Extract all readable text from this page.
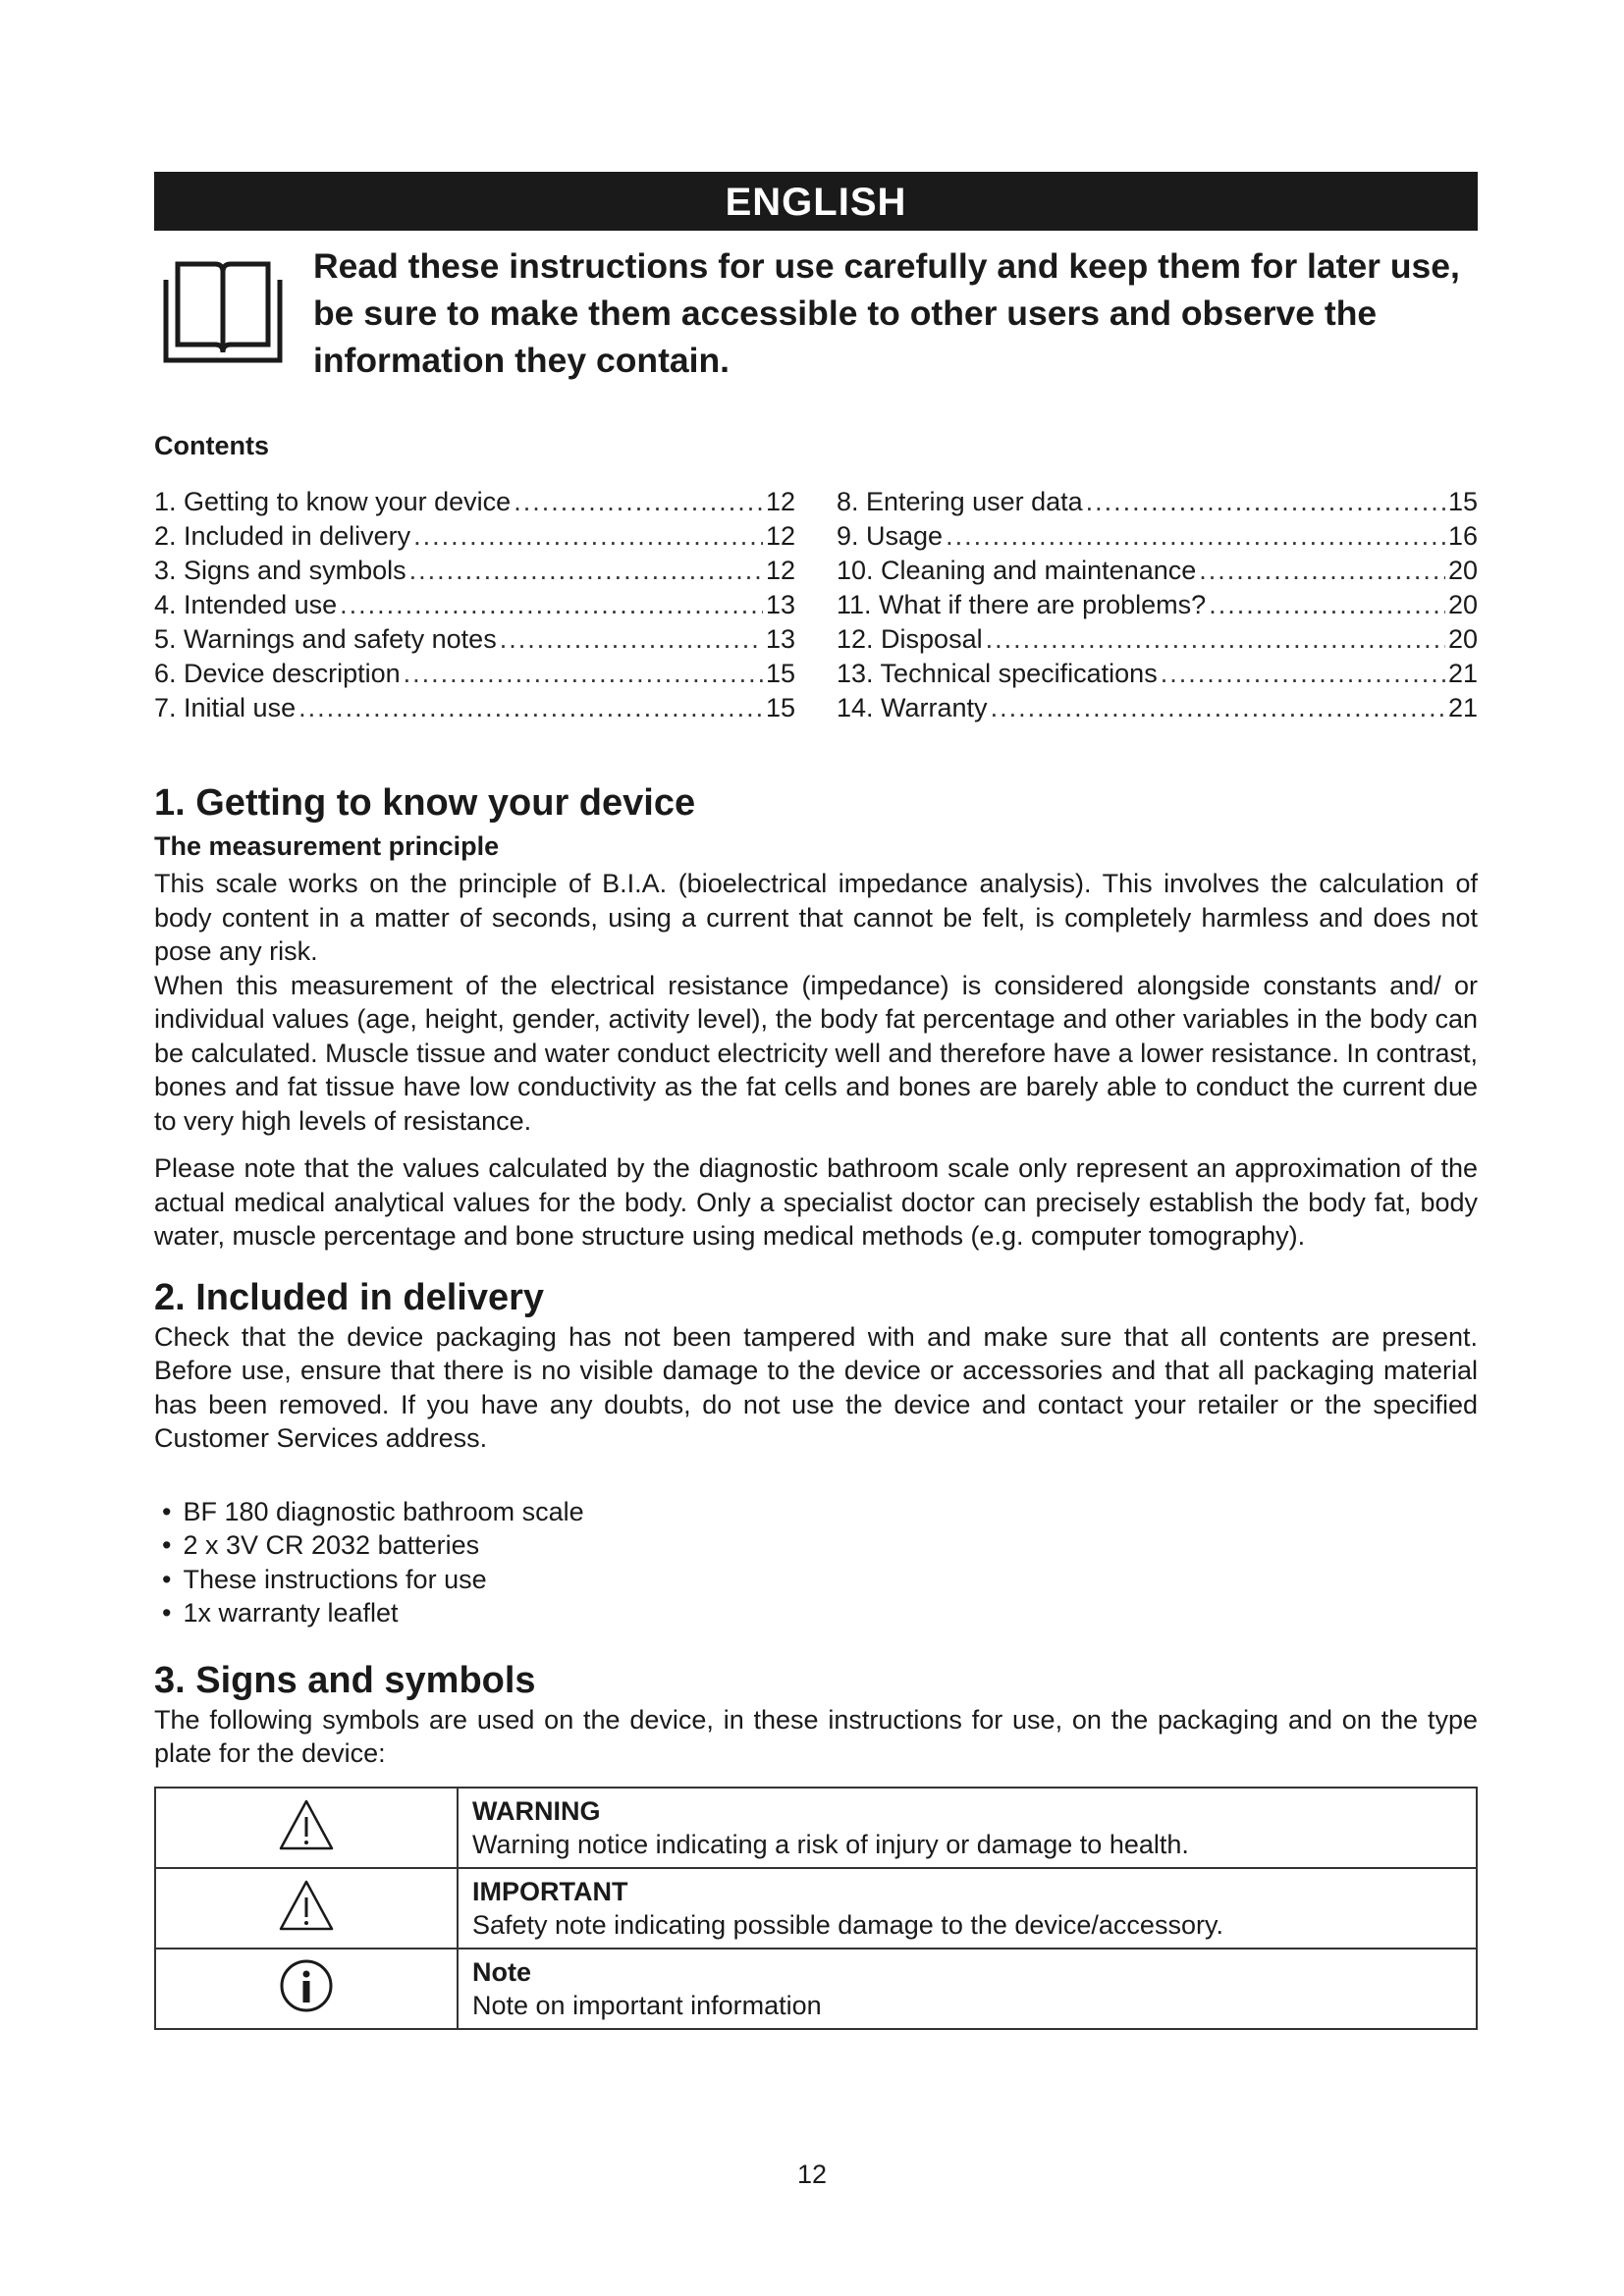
ENGLISH
Read these instructions for use carefully and keep them for later use, be sure to make them accessible to other users and observe the information they contain.
Contents
1. Getting to know your device .....	12
2. Included in delivery .....	12
3. Signs and symbols .....	12
4. Intended use .....	13
5. Warnings and safety notes .....	13
6. Device description .....	15
7. Initial use .....	15
8. Entering user data .....	15
9. Usage .....	16
10. Cleaning and maintenance .....	20
11. What if there are problems? .....	20
12. Disposal .....	20
13. Technical specifications .....	21
14. Warranty .....	21
1. Getting to know your device
The measurement principle

This scale works on the principle of B.I.A. (bioelectrical impedance analysis). This involves the calculation of body content in a matter of seconds, using a current that cannot be felt, is completely harmless and does not pose any risk.

When this measurement of the electrical resistance (impedance) is considered alongside constants and/ or individual values (age, height, gender, activity level), the body fat percentage and other variables in the body can be calculated. Muscle tissue and water conduct electricity well and therefore have a lower resistance. In contrast, bones and fat tissue have low conductivity as the fat cells and bones are barely able to conduct the current due to very high levels of resistance.

Please note that the values calculated by the diagnostic bathroom scale only represent an approximation of the actual medical analytical values for the body. Only a specialist doctor can precisely establish the body fat, body water, muscle percentage and bone structure using medical methods (e.g. computer tomography).

2. Included in delivery

Check that the device packaging has not been tampered with and make sure that all contents are present. Before use, ensure that there is no visible damage to the device or accessories and that all packaging material has been removed. If you have any doubts, do not use the device and contact your retailer or the specified Customer Services address.

• BF 180 diagnostic bathroom scale
• 2 x 3V CR 2032 batteries
• These instructions for use
• 1x warranty leaflet
3. Signs and symbols

The following symbols are used on the device, in these instructions for use, on the packaging and on the type plate for the device:

WARNING
Warning notice indicating a risk of injury or damage to health.

IMPORTANT
Safety note indicating possible damage to the device/accessory.

Note
Note on important information
12
